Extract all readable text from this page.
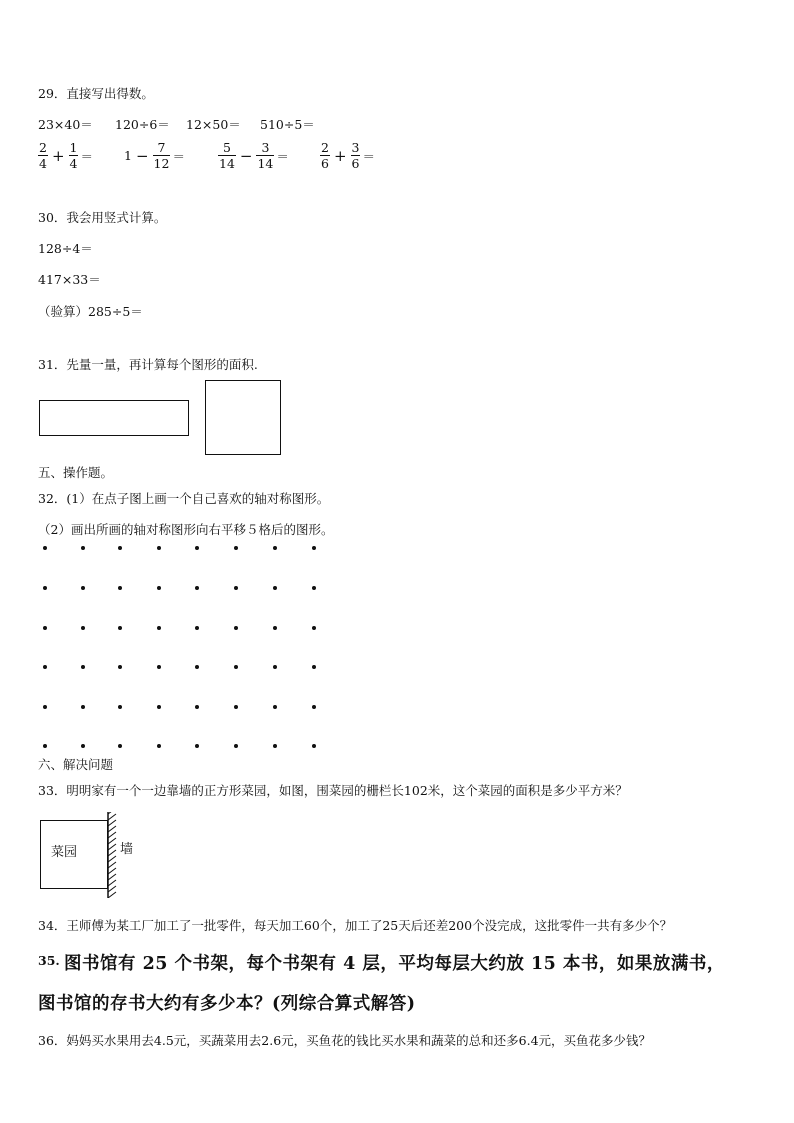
29．直接写出得数。
23×40＝ 120÷6＝ 12×50＝ 510÷5＝
$\frac{2}{4} + \frac{1}{4} = 1 - \frac{7}{12}$ ＝	$\frac{5}{14} - \frac{3}{14} = \frac{2}{6} + \frac{3}{6}$ ＝
30．我会用竖式计算。
128÷4＝
417×33＝
（验算）285÷5＝
31．先量一量，再计算每个图形的面积.
五、操作题。
32．(1）在点子图上画一个自己喜欢的轴对称图形。
（2）画出所画的轴对称图形向右平移５格后的图形。
六、解决问题
33．明明家有一个一边靠墙的正方形菜园，如图，围菜园的栅栏长102米，这个菜园的面积是多少平方米？
菜园	墙
34．王师傅为某工厂加工了一批零件，每天加工60个，加工了25天后还差200个没完成，这批零件一共有多少个？
35. 图书馆有 25 个书架，每个书架有 4 层，平均每层大约放 15 本书，如果放满书，
图书馆的存书大约有多少本？(列综合算式解答)
36．妈妈买水果用去4.5元，买蔬菜用去2.6元，买鱼花的钱比买水果和蔬菜的总和还多6.4元，买鱼花多少钱？
